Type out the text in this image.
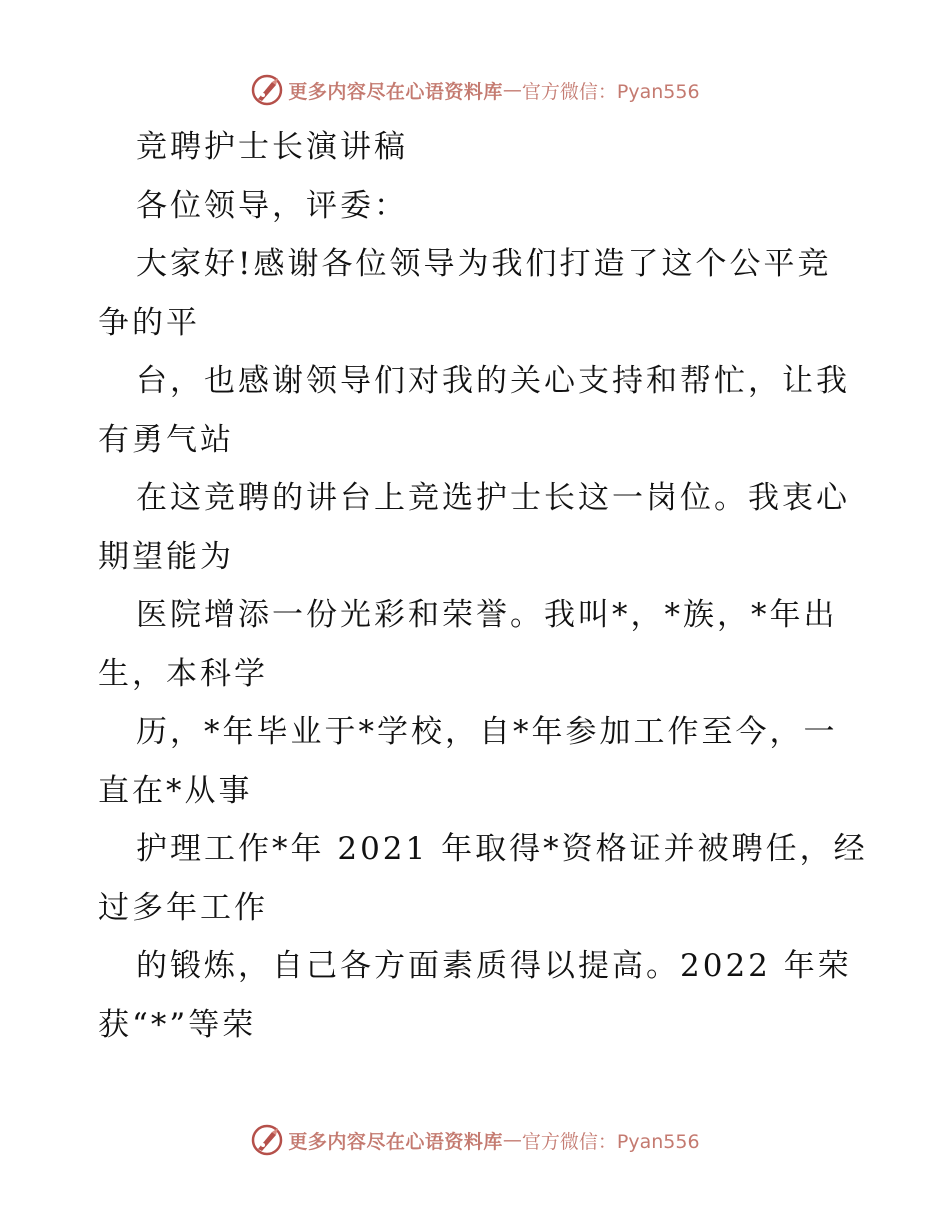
更多内容尽在心语资料库 — 官方微信：Pyan556
竞聘护士长演讲稿
各位领导，评委：
大家好!感谢各位领导为我们打造了这个公平竞
争的平
台，也感谢领导们对我的关心支持和帮忙，让我
有勇气站
在这竞聘的讲台上竞选护士长这一岗位。我衷心
期望能为
医院增添一份光彩和荣誉。我叫*，*族，*年出
生，本科学
历，*年毕业于*学校，自*年参加工作至今，一
直在*从事
护理工作*年 2021 年取得*资格证并被聘任，经
过多年工作
的锻炼，自己各方面素质得以提高。2022 年荣
获“*”等荣
更多内容尽在心语资料库 — 官方微信：Pyan556
